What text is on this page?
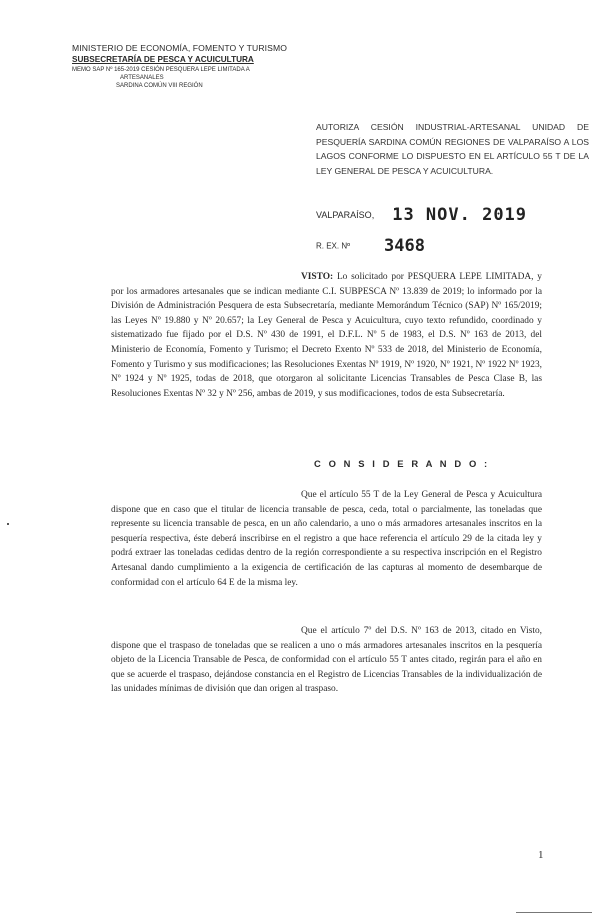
MINISTERIO DE ECONOMÍA, FOMENTO Y TURISMO
SUBSECRETARÍA DE PESCA Y ACUICULTURA
MEMO SAP Nº 165-2019 CESIÓN PESQUERA LEPE LIMITADA A
ARTESANALES
SARDINA COMÚN VIII REGIÓN
AUTORIZA CESIÓN INDUSTRIAL-ARTESANAL UNIDAD DE PESQUERÍA SARDINA COMÚN REGIONES DE VALPARAÍSO A LOS LAGOS CONFORME LO DISPUESTO EN EL ARTÍCULO 55 T DE LA LEY GENERAL DE PESCA Y ACUICULTURA.
VALPARAÍSO, 13 NOV. 2019
R. EX. Nº 3468

VISTO: Lo solicitado por PESQUERA LEPE LIMITADA, y por los armadores artesanales que se indican mediante C.I. SUBPESCA Nº 13.839 de 2019; lo informado por la División de Administración Pesquera de esta Subsecretaría, mediante Memorándum Técnico (SAP) Nº 165/2019; las Leyes Nº 19.880 y Nº 20.657; la Ley General de Pesca y Acuicultura, cuyo texto refundido, coordinado y sistematizado fue fijado por el D.S. Nº 430 de 1991, el D.F.L. Nº 5 de 1983, el D.S. Nº 163 de 2013, del Ministerio de Economía, Fomento y Turismo; el Decreto Exento Nº 533 de 2018, del Ministerio de Economía, Fomento y Turismo y sus modificaciones; las Resoluciones Exentas Nº 1919, Nº 1920, Nº 1921, Nº 1922 Nº 1923, Nº 1924 y Nº 1925, todas de 2018, que otorgaron al solicitante Licencias Transables de Pesca Clase B, las Resoluciones Exentas Nº 32 y Nº 256, ambas de 2019, y sus modificaciones, todos de esta Subsecretaría.

C O N S I D E R A N D O :

Que el artículo 55 T de la Ley General de Pesca y Acuicultura dispone que en caso que el titular de licencia transable de pesca, ceda, total o parcialmente, las toneladas que represente su licencia transable de pesca, en un año calendario, a uno o más armadores artesanales inscritos en la pesquería respectiva, éste deberá inscribirse en el registro a que hace referencia el artículo 29 de la citada ley y podrá extraer las toneladas cedidas dentro de la región correspondiente a su respectiva inscripción en el Registro Artesanal dando cumplimiento a la exigencia de certificación de las capturas al momento de desembarque de conformidad con el artículo 64 E de la misma ley.

Que el artículo 7º del D.S. Nº 163 de 2013, citado en Visto, dispone que el traspaso de toneladas que se realicen a uno o más armadores artesanales inscritos en la pesquería objeto de la Licencia Transable de Pesca, de conformidad con el artículo 55 T antes citado, regirán para el año en que se acuerde el traspaso, dejándose constancia en el Registro de Licencias Transables de la individualización de las unidades mínimas de división que dan origen al traspaso.

1
